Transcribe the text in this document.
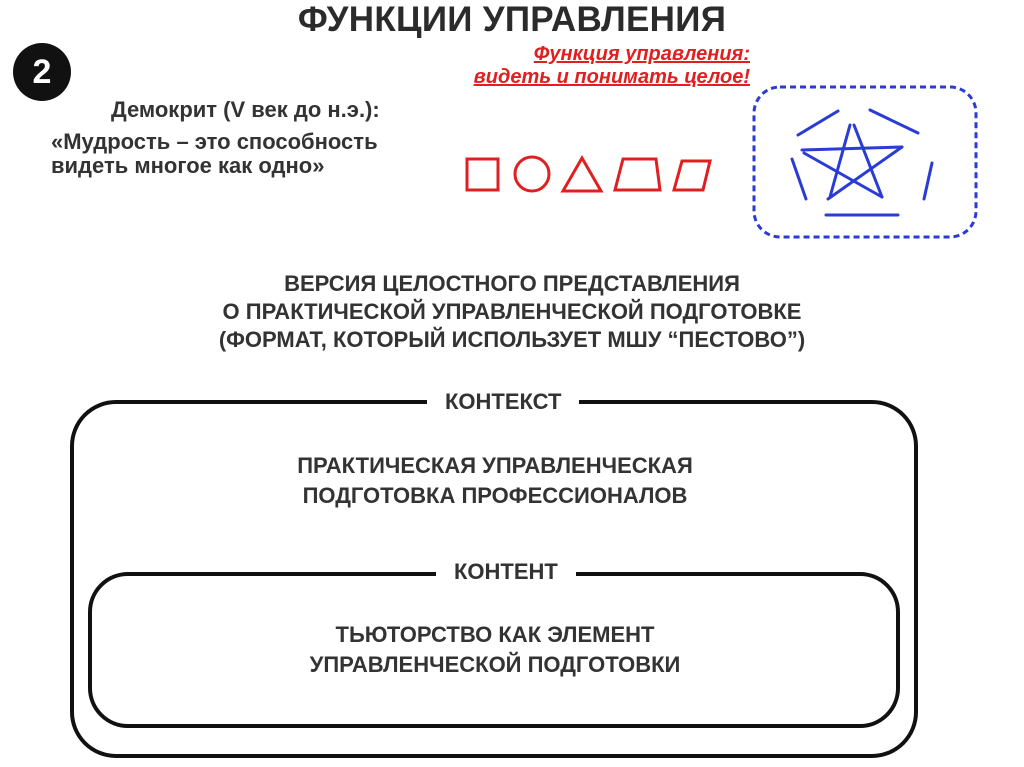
ФУНКЦИИ УПРАВЛЕНИЯ
2	Функция управления:
видеть и понимать целое!
Демокрит (V век до н.э.):
«Мудрость – это способность
видеть многое как одно»
ВЕРСИЯ ЦЕЛОСТНОГО ПРЕДСТАВЛЕНИЯ
О ПРАКТИЧЕСКОЙ УПРАВЛЕНЧЕСКОЙ ПОДГОТОВКЕ
(ФОРМАТ, КОТОРЫЙ ИСПОЛЬЗУЕТ МШУ “ПЕСТОВО”)
КОНТЕКСТ
ПРАКТИЧЕСКАЯ УПРАВЛЕНЧЕСКАЯ
ПОДГОТОВКА ПРОФЕССИОНАЛОВ
КОНТЕНТ
ТЬЮТОРСТВО КАК ЭЛЕМЕНТ
УПРАВЛЕНЧЕСКОЙ ПОДГОТОВКИ
